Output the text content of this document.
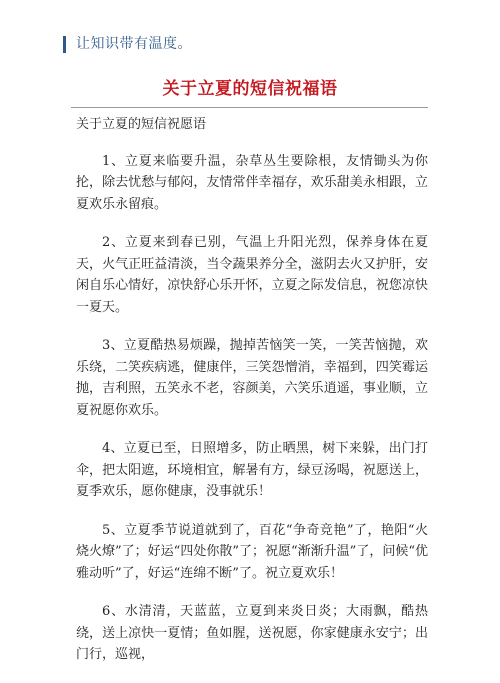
让知识带有温度。
关于立夏的短信祝福语

关于立夏的短信祝愿语

1、立夏来临要升温，杂草丛生要除根，友情锄头为你抡，除去忧愁与郁闷，友情常伴幸福存，欢乐甜美永相跟，立夏欢乐永留痕。

2、立夏来到春已别，气温上升阳光烈，保养身体在夏天，火气正旺益清淡，当令蔬果养分全，滋阴去火又护肝，安闲自乐心情好，凉快舒心乐开怀，立夏之际发信息，祝您凉快一夏天。

3、立夏酷热易烦躁，抛掉苦恼笑一笑，一笑苦恼抛，欢乐绕，二笑疾病逃，健康伴，三笑怨憎消，幸福到，四笑霉运抛，吉利照，五笑永不老，容颜美，六笑乐逍遥，事业顺，立夏祝愿你欢乐。

4、立夏已至，日照增多，防止晒黑，树下来躲，出门打伞，把太阳遮，环境相宜，解暑有方，绿豆汤喝，祝愿送上，夏季欢乐，愿你健康，没事就乐！

5、立夏季节说道就到了，百花“争奇竞艳”了，艳阳“火烧火燎”了；好运“四处你散”了；祝愿“渐渐升温”了，问候“优雅动听”了，好运“连绵不断”了。祝立夏欢乐！

6、水清清，天蓝蓝，立夏到来炎日炎；大雨飘，酷热绕，送上凉快一夏情；鱼如腥，送祝愿，你家健康永安宁；出门行，巡视，
